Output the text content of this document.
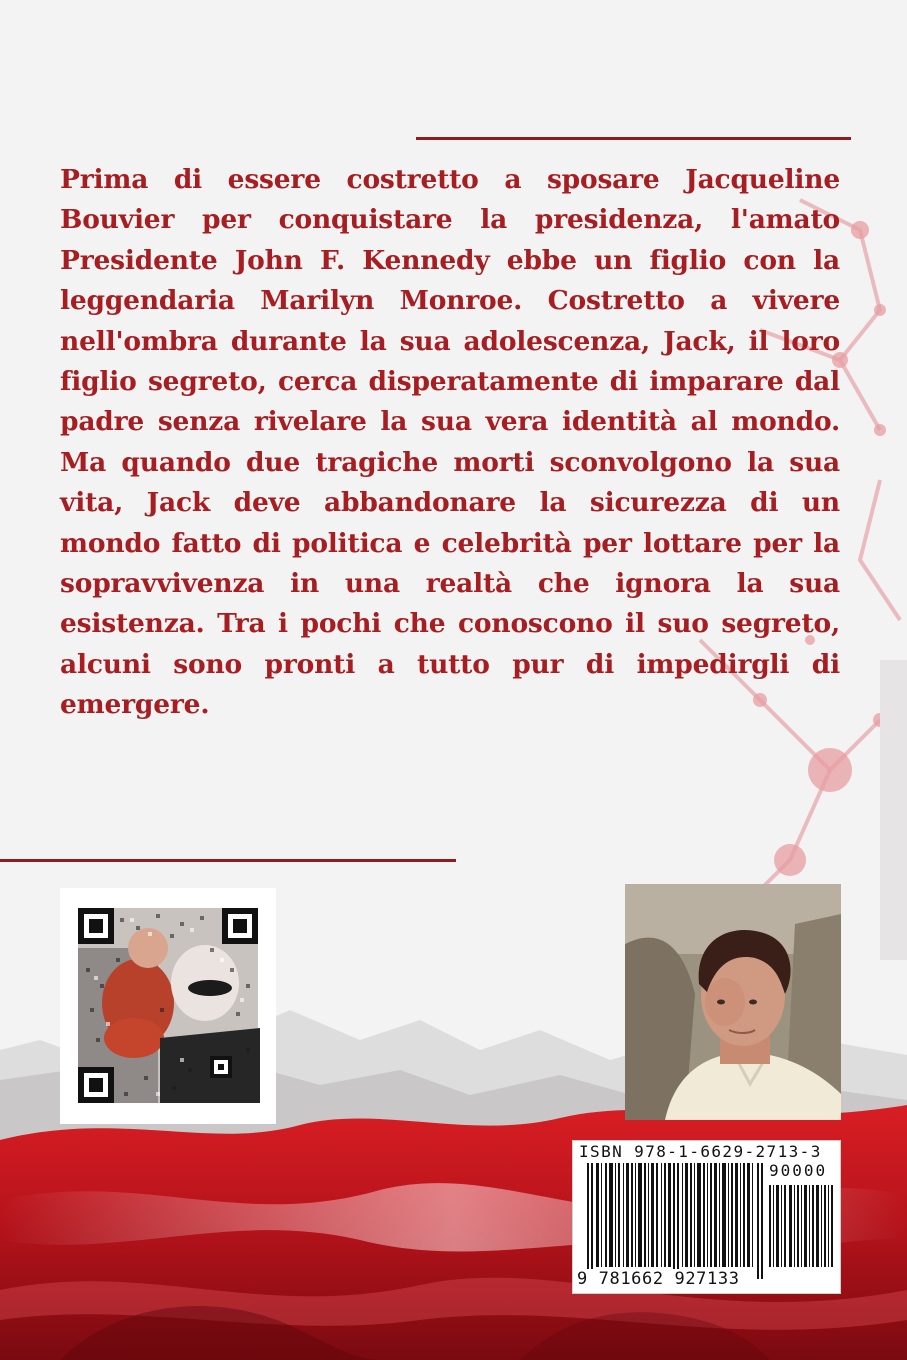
Prima di essere costretto a sposare Jacqueline Bouvier per conquistare la presidenza, l'amato Presidente John F. Kennedy ebbe un figlio con la leggendaria Marilyn Monroe. Costretto a vivere nell'ombra durante la sua adolescenza, Jack, il loro figlio segreto, cerca disperatamente di imparare dal padre senza rivelare la sua vera identità al mondo. Ma quando due tragiche morti sconvolgono la sua vita, Jack deve abbandonare la sicurezza di un mondo fatto di politica e celebrità per lottare per la sopravvivenza in una realtà che ignora la sua esistenza. Tra i pochi che conoscono il suo segreto, alcuni sono pronti a tutto pur di impedirgli di emergere.
ISBN 978-1-6629-2713-3
90000
9 781662 927133
